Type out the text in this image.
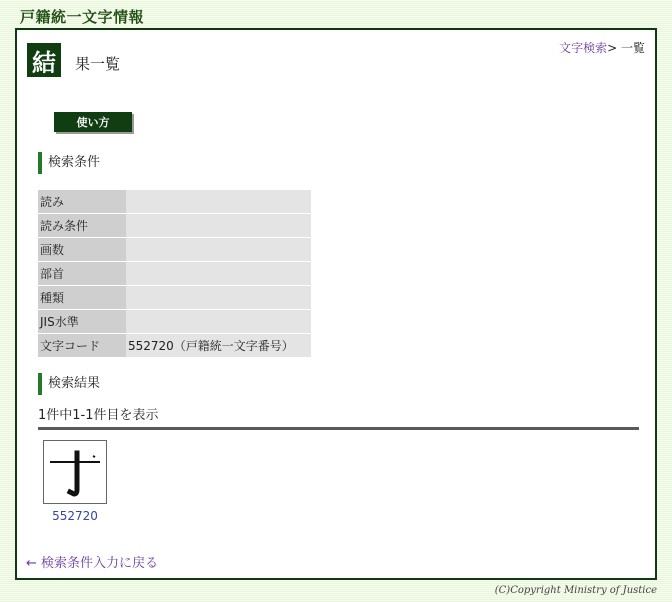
戸籍統一文字情報
文字検索> 一覧
結	果一覧
使い方
検索条件
読み	
読み条件	
画数	
部首	
種類	
JIS水準	
文字コード	552720（戸籍統一文字番号）
検索結果
1件中1-1件目を表示
552720
← 検索条件入力に戻る
(C)Copyright Ministry of Justice
